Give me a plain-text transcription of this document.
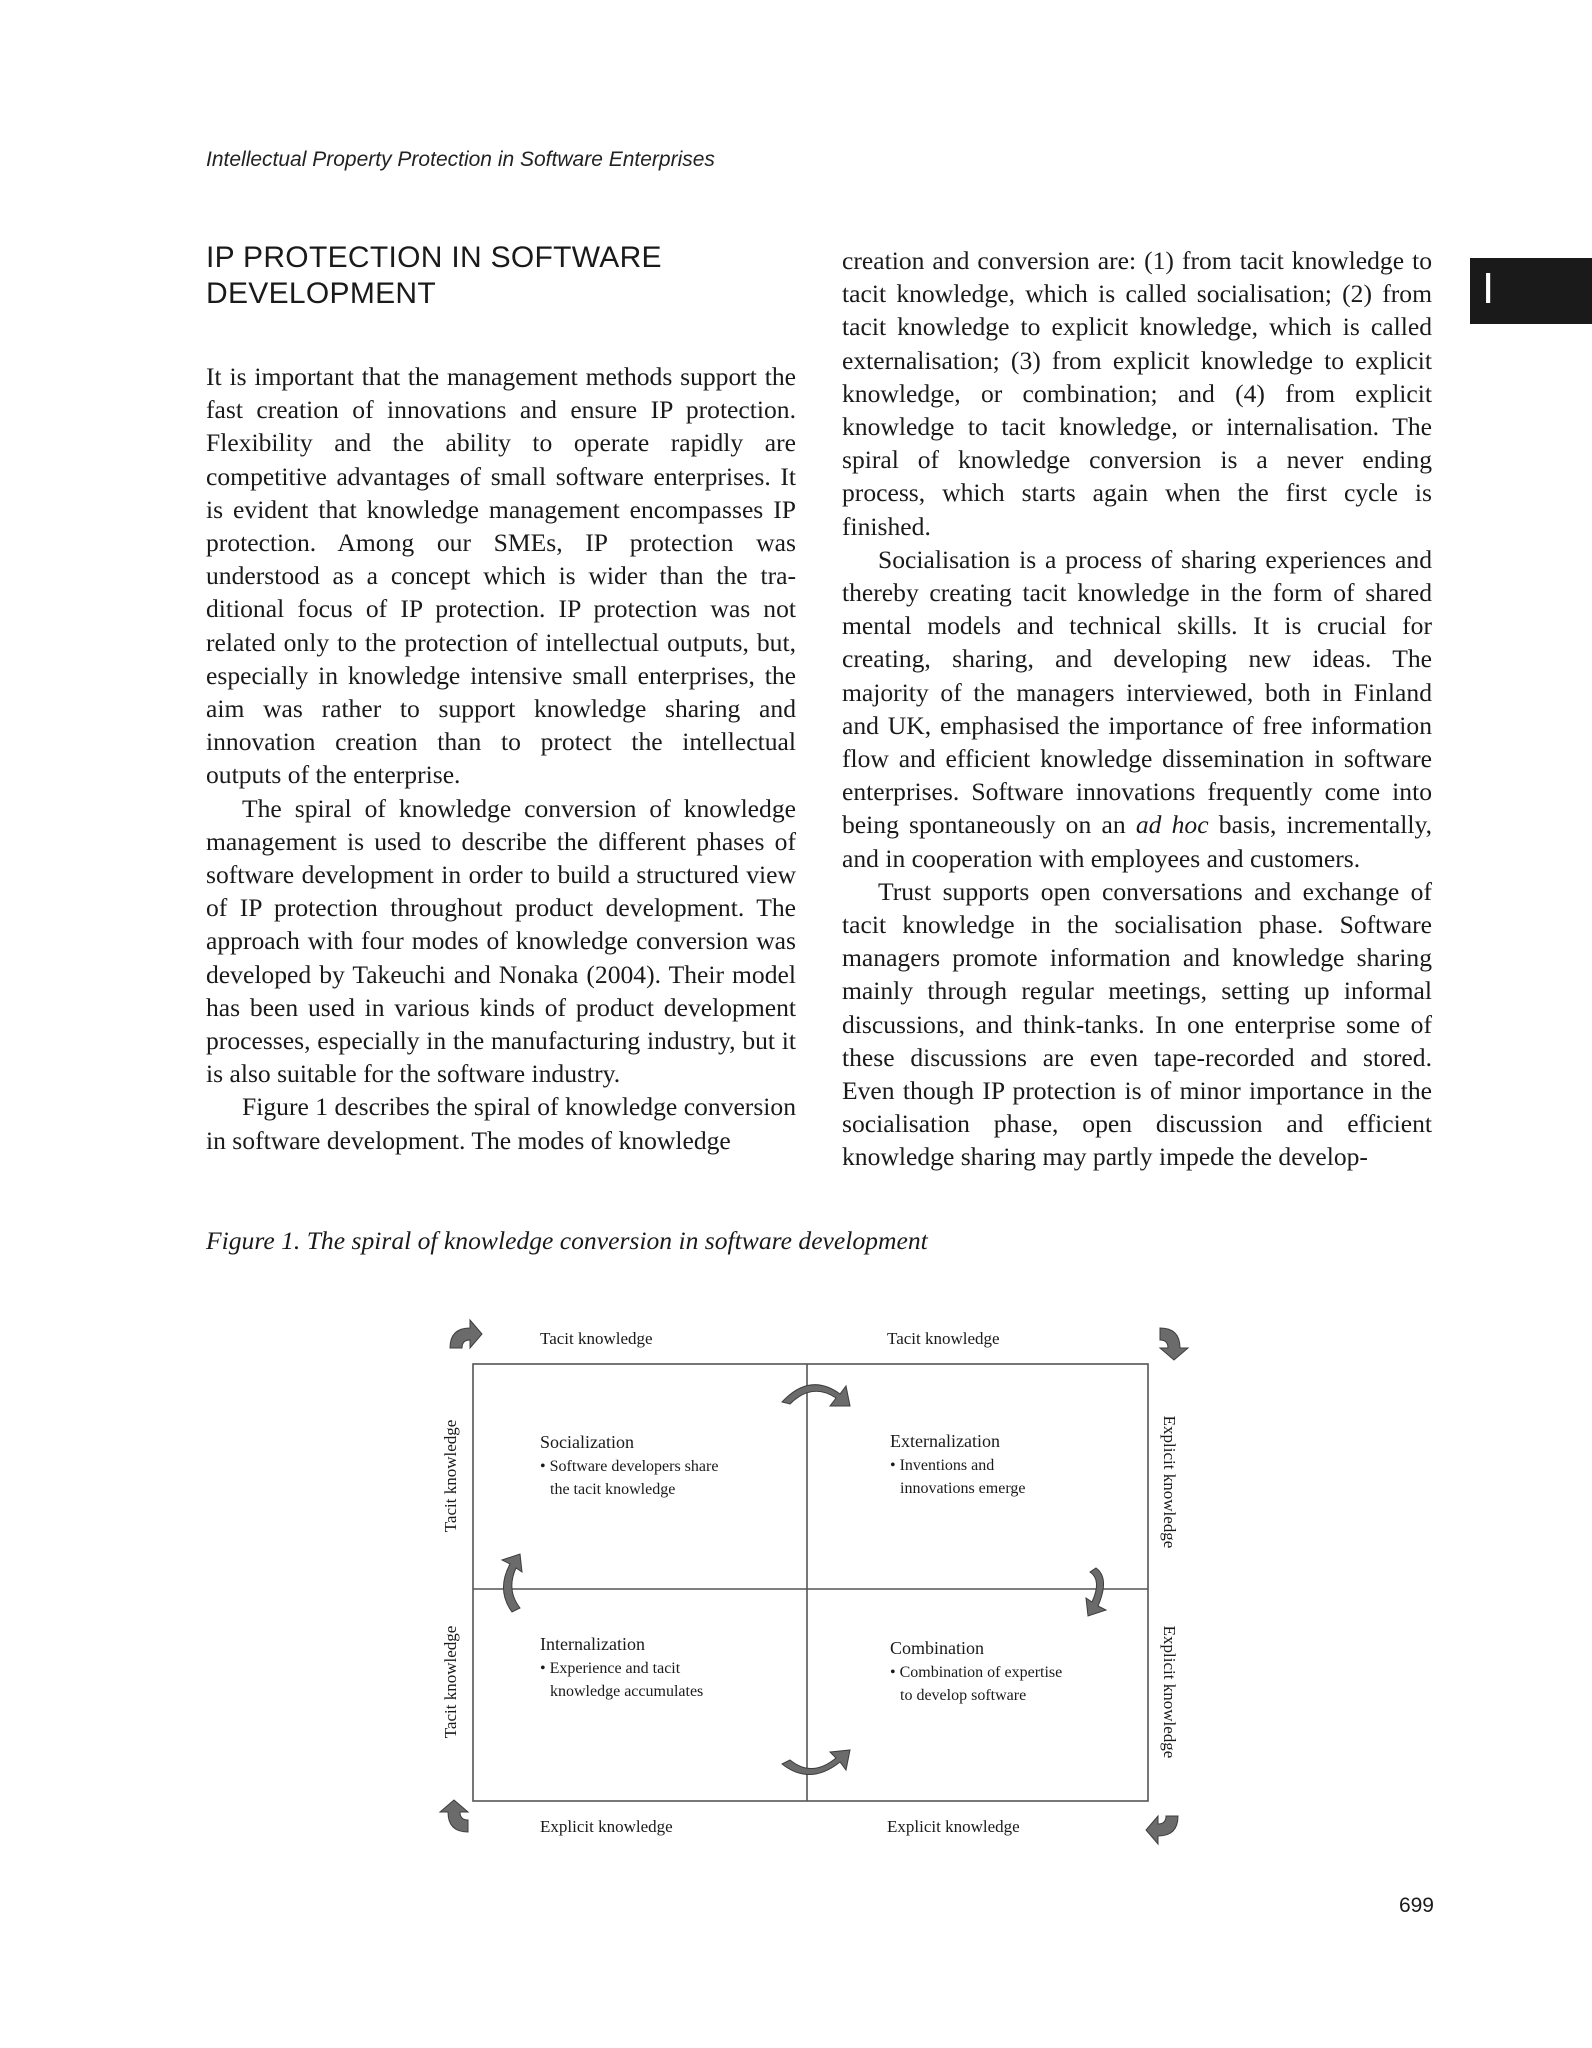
Intellectual Property Protection in Software Enterprises
I
IP PROTECTION IN SOFTWARE DEVELOPMENT

It is important that the management methods support the fast creation of innovations and ensure IP protection. Flexibility and the ability to operate rapidly are competitive advantages of small software enterprises. It is evident that knowledge management encompasses IP protection. Among our SMEs, IP protection was understood as a concept which is wider than the traditional focus of IP protection. IP protection was not related only to the protection of intellectual outputs, but, especially in knowledge intensive small enterprises, the aim was rather to support knowledge sharing and innovation creation than to protect the intellectual outputs of the enterprise.

The spiral of knowledge conversion of knowledge management is used to describe the different phases of software development in order to build a structured view of IP protection throughout product development. The approach with four modes of knowledge conversion was developed by Takeuchi and Nonaka (2004). Their model has been used in various kinds of product development processes, especially in the manufacturing industry, but it is also suitable for the software industry.

Figure 1 describes the spiral of knowledge conversion in software development. The modes of knowledge

creation and conversion are: (1) from tacit knowledge to tacit knowledge, which is called socialisation; (2) from tacit knowledge to explicit knowledge, which is called externalisation; (3) from explicit knowledge to explicit knowledge, or combination; and (4) from explicit knowledge to tacit knowledge, or internalisation. The spiral of knowledge conversion is a never ending process, which starts again when the first cycle is finished.

Socialisation is a process of sharing experiences and thereby creating tacit knowledge in the form of shared mental models and technical skills. It is crucial for creating, sharing, and developing new ideas. The majority of the managers interviewed, both in Finland and UK, emphasised the importance of free information flow and efficient knowledge dissemination in software enterprises. Software innovations frequently come into being spontaneously on an ad hoc basis, incrementally, and in cooperation with employees and customers.

Trust supports open conversations and exchange of tacit knowledge in the socialisation phase. Software managers promote information and knowledge sharing mainly through regular meetings, setting up informal discussions, and think-tanks. In one enterprise some of these discussions are even tape-recorded and stored. Even though IP protection is of minor importance in the socialisation phase, open discussion and efficient knowledge sharing may partly impede the develop-

Figure 1. The spiral of knowledge conversion in software development
Tacit knowledge	Tacit knowledge
Explicit knowledge	Explicit knowledge
Tacit knowledge
Tacit knowledge
Explicit knowledge
Explicit knowledge
Socialization
• Software developers share
the tacit knowledge
Externalization
• Inventions and
innovations emerge
Internalization
• Experience and tacit
knowledge accumulates
Combination
• Combination of expertise
to develop software
699
